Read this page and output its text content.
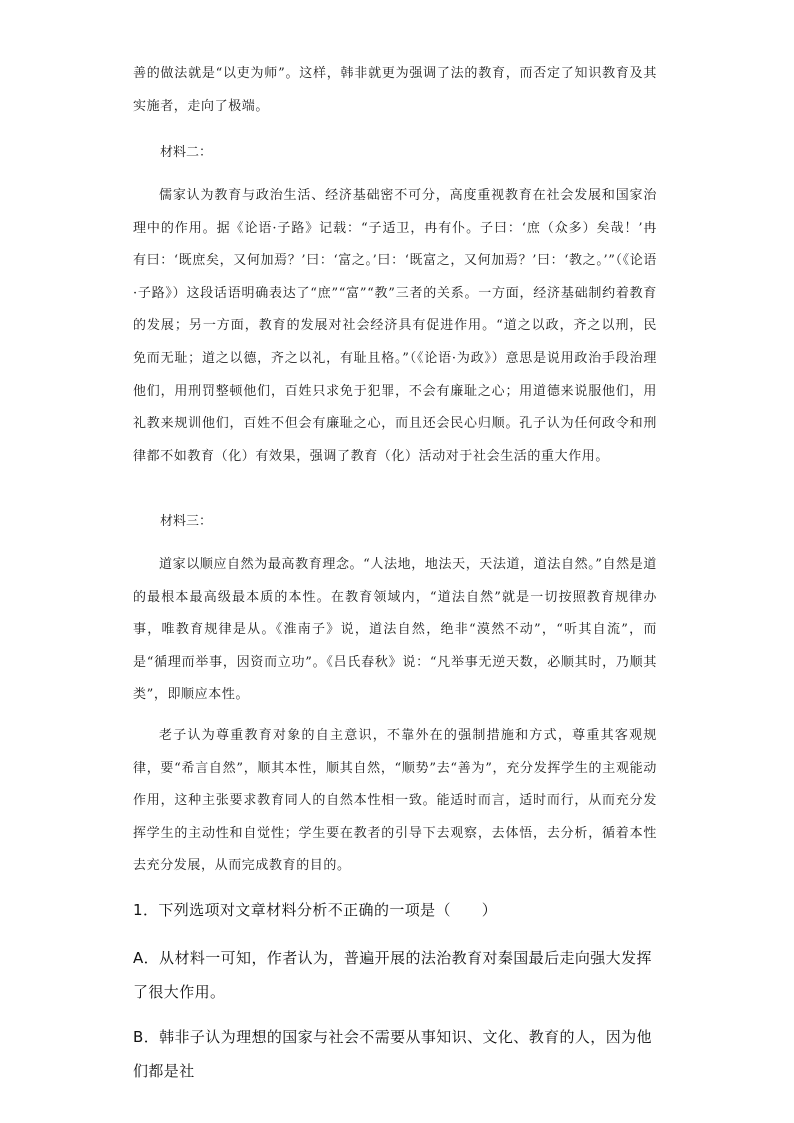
善的做法就是“以吏为师”。这样，韩非就更为强调了法的教育，而否定了知识教育及其实施者，走向了极端。

材料二：

儒家认为教育与政治生活、经济基础密不可分，高度重视教育在社会发展和国家治理中的作用。据《论语·子路》记载：“子适卫，冉有仆。子曰：‘庶（众多）矣哉！’冉有曰：‘既庶矣，又何加焉？’曰：‘富之。’曰：‘既富之，又何加焉？’曰：‘教之。’”（《论语·子路》）这段话语明确表达了“庶”“富”“教”三者的关系。一方面，经济基础制约着教育的发展；另一方面，教育的发展对社会经济具有促进作用。“道之以政，齐之以刑，民免而无耻；道之以德，齐之以礼，有耻且格。”（《论语·为政》）意思是说用政治手段治理他们，用刑罚整顿他们，百姓只求免于犯罪，不会有廉耻之心；用道德来说服他们，用礼教来规训他们，百姓不但会有廉耻之心，而且还会民心归顺。孔子认为任何政令和刑律都不如教育（化）有效果，强调了教育（化）活动对于社会生活的重大作用。

材料三：

道家以顺应自然为最高教育理念。“人法地，地法天，天法道，道法自然。”自然是道的最根本最高级最本质的本性。在教育领域内，“道法自然”就是一切按照教育规律办事，唯教育规律是从。《淮南子》说，道法自然，绝非“漠然不动”，“听其自流”，而是“循理而举事，因资而立功”。《吕氏春秋》说：“凡举事无逆天数，必顺其时，乃顺其类”，即顺应本性。

老子认为尊重教育对象的自主意识，不靠外在的强制措施和方式，尊重其客观规律，要“希言自然”，顺其本性，顺其自然，“顺势”去“善为”，充分发挥学生的主观能动作用，这种主张要求教育同人的自然本性相一致。能适时而言，适时而行，从而充分发挥学生的主动性和自觉性；学生要在教者的引导下去观察，去体悟，去分析，循着本性去充分发展，从而完成教育的目的。

1．下列选项对文章材料分析不正确的一项是（　　）

A．从材料一可知，作者认为，普遍开展的法治教育对秦国最后走向强大发挥了很大作用。

B．韩非子认为理想的国家与社会不需要从事知识、文化、教育的人，因为他们都是社
